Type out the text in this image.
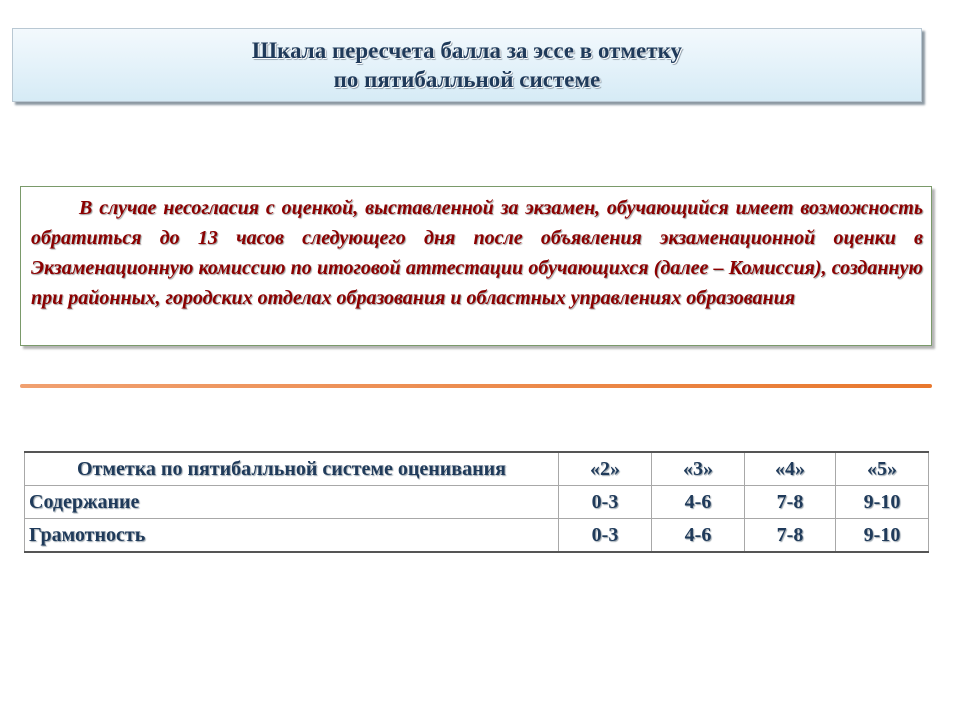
Шкала пересчета балла за эссе в отметку
по пятибалльной системе

В случае несогласия с оценкой, выставленной за экзамен, обучающийся имеет возможность обратиться до 13 часов следующего дня после объявления экзаменационной оценки в Экзаменационную комиссию по итоговой аттестации обучающихся (далее – Комиссия), созданную при районных, городских отделах образования и областных управлениях образования

Отметка по пятибалльной системе оценивания	«2»	«3»	«4»	«5»
Содержание	0-3	4-6	7-8	9-10
Грамотность	0-3	4-6	7-8	9-10
